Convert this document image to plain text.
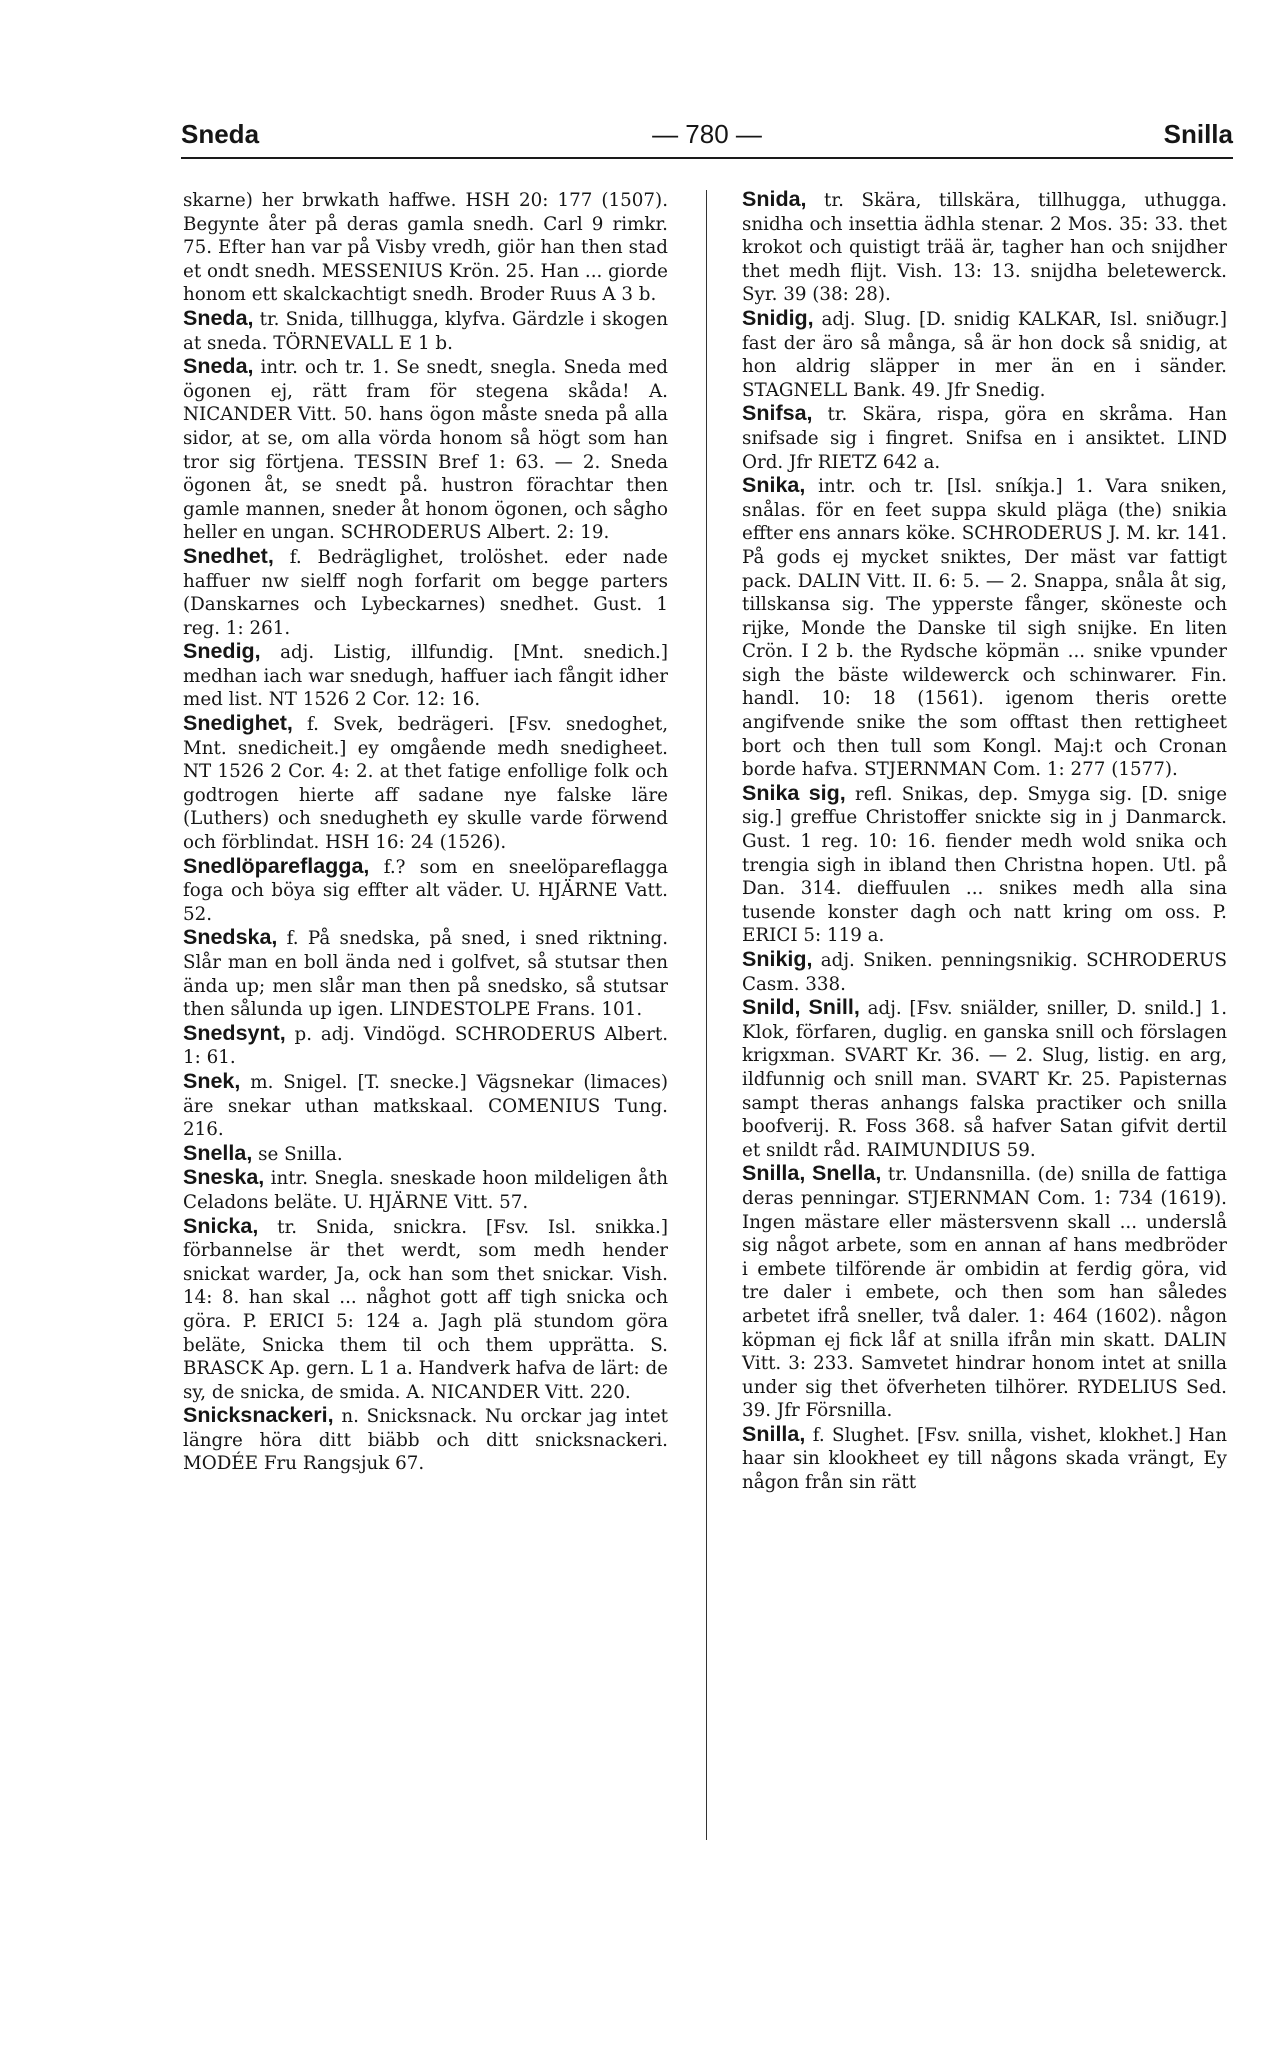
Sneda	— 780 —	Snilla

skarne) her brwkath haffwe. HSH 20: 177 (1507). Begynte åter på deras gamla snedh. Carl 9 rimkr. 75. Efter han var på Visby vredh, giör han then stad et ondt snedh. MESSENIUS Krön. 25. Han ... giorde honom ett skalckachtigt snedh. Broder Ruus A 3 b.

Sneda, tr. Snida, tillhugga, klyfva. Gärdzle i skogen at sneda. TÖRNEVALL E 1 b.

Sneda, intr. och tr. 1. Se snedt, snegla. Sneda med ögonen ej, rätt fram för stegena skåda! A. NICANDER Vitt. 50. hans ögon måste sneda på alla sidor, at se, om alla vörda honom så högt som han tror sig förtjena. TESSIN Bref 1: 63. — 2. Sneda ögonen åt, se snedt på. hustron förachtar then gamle mannen, sneder åt honom ögonen, och sågho heller en ungan. SCHRODERUS Albert. 2: 19.

Snedhet, f. Bedräglighet, trolöshet. eder nade haffuer nw sielff nogh forfarit om begge parters (Danskarnes och Lybeckarnes) snedhet. Gust. 1 reg. 1: 261.

Snedig, adj. Listig, illfundig. [Mnt. snedich.] medhan iach war snedugh, haffuer iach fångit idher med list. NT 1526 2 Cor. 12: 16.

Snedighet, f. Svek, bedrägeri. [Fsv. snedoghet, Mnt. snedicheit.] ey omgående medh snedigheet. NT 1526 2 Cor. 4: 2. at thet fatige enfollige folk och godtrogen hierte aff sadane nye falske läre (Luthers) och snedugheth ey skulle varde förwend och förblindat. HSH 16: 24 (1526).

Snedlöpareflagga, f.? som en sneelöpareflagga foga och böya sig effter alt väder. U. HJÄRNE Vatt. 52.

Snedska, f. På snedska, på sned, i sned riktning. Slår man en boll ända ned i golfvet, så stutsar then ända up; men slår man then på snedsko, så stutsar then sålunda up igen. LINDESTOLPE Frans. 101.

Snedsynt, p. adj. Vindögd. SCHRODERUS Albert. 1: 61.

Snek, m. Snigel. [T. snecke.] Vägsnekar (limaces) äre snekar uthan matkskaal. COMENIUS Tung. 216.

Snella, se Snilla.

Sneska, intr. Snegla. sneskade hoon mildeligen åth Celadons beläte. U. HJÄRNE Vitt. 57.

Snicka, tr. Snida, snickra. [Fsv. Isl. snikka.] förbannelse är thet werdt, som medh hender snickat warder, Ja, ock han som thet snickar. Vish. 14: 8. han skal ... någhot gott aff tigh snicka och göra. P. ERICI 5: 124 a. Jagh plä stundom göra beläte, Snicka them til och them upprätta. S. BRASCK Ap. gern. L 1 a. Handverk hafva de lärt: de sy, de snicka, de smida. A. NICANDER Vitt. 220.

Snicksnackeri, n. Snicksnack. Nu orckar jag intet längre höra ditt biäbb och ditt snicksnackeri. MODÉE Fru Rangsjuk 67.

Snida, tr. Skära, tillskära, tillhugga, uthugga. snidha och insettia ädhla stenar. 2 Mos. 35: 33. thet krokot och quistigt trää är, tagher han och snijdher thet medh flijt. Vish. 13: 13. snijdha beletewerck. Syr. 39 (38: 28).

Snidig, adj. Slug. [D. snidig KALKAR, Isl. sniðugr.] fast der äro så många, så är hon dock så snidig, at hon aldrig släpper in mer än en i sänder. STAGNELL Bank. 49. Jfr Snedig.

Snifsa, tr. Skära, rispa, göra en skråma. Han snifsade sig i fingret. Snifsa en i ansiktet. LIND Ord. Jfr RIETZ 642 a.

Snika, intr. och tr. [Isl. sníkja.] 1. Vara sniken, snålas. för en feet suppa skuld pläga (the) snikia effter ens annars köke. SCHRODERUS J. M. kr. 141. På gods ej mycket sniktes, Der mäst var fattigt pack. DALIN Vitt. II. 6: 5. — 2. Snappa, snåla åt sig, tillskansa sig. The ypperste fånger, sköneste och rijke, Monde the Danske til sigh snijke. En liten Crön. I 2 b. the Rydsche köpmän ... snike vpunder sigh the bäste wildewerck och schinwarer. Fin. handl. 10: 18 (1561). igenom theris orette angifvende snike the som offtast then rettigheet bort och then tull som Kongl. Maj:t och Cronan borde hafva. STJERNMAN Com. 1: 277 (1577).

Snika sig, refl. Snikas, dep. Smyga sig. [D. snige sig.] greffue Christoffer snickte sig in j Danmarck. Gust. 1 reg. 10: 16. fiender medh wold snika och trengia sigh in ibland then Christna hopen. Utl. på Dan. 314. dieffuulen ... snikes medh alla sina tusende konster dagh och natt kring om oss. P. ERICI 5: 119 a.

Snikig, adj. Sniken. penningsnikig. SCHRODERUS Casm. 338.

Snild, Snill, adj. [Fsv. sniälder, sniller, D. snild.] 1. Klok, förfaren, duglig. en ganska snill och förslagen krigxman. SVART Kr. 36. — 2. Slug, listig. en arg, ildfunnig och snill man. SVART Kr. 25. Papisternas sampt theras anhangs falska practiker och snilla boofverij. R. Foss 368. så hafver Satan gifvit dertil et snildt råd. RAIMUNDIUS 59.

Snilla, Snella, tr. Undansnilla. (de) snilla de fattiga deras penningar. STJERNMAN Com. 1: 734 (1619). Ingen mästare eller mästersvenn skall ... underslå sig något arbete, som en annan af hans medbröder i embete tilförende är ombidin at ferdig göra, vid tre daler i embete, och then som han således arbetet ifrå sneller, två daler. 1: 464 (1602). någon köpman ej fick låf at snilla ifrån min skatt. DALIN Vitt. 3: 233. Samvetet hindrar honom intet at snilla under sig thet öfverheten tilhörer. RYDELIUS Sed. 39. Jfr Försnilla.

Snilla, f. Slughet. [Fsv. snilla, vishet, klokhet.] Han haar sin klookheet ey till någons skada vrängt, Ey någon från sin rätt
